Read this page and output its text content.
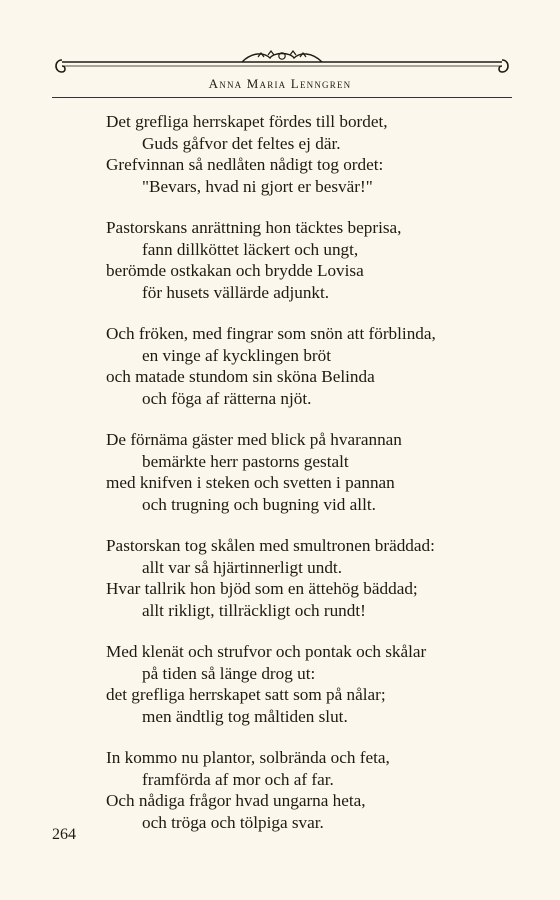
Anna Maria Lenngren
Det grefliga herrskapet fördes till bordet,
Guds gåfvor det feltes ej där.
Grefvinnan så nedlåten nådigt tog ordet:
"Bevars, hvad ni gjort er besvär!"
Pastorskans anrättning hon täcktes beprisa,
fann dillköttet läckert och ungt,
berömde ostkakan och brydde Lovisa
för husets vällärde adjunkt.
Och fröken, med fingrar som snön att förblinda,
en vinge af kycklingen bröt
och matade stundom sin sköna Belinda
och föga af rätterna njöt.
De förnäma gäster med blick på hvarannan
bemärkte herr pastorns gestalt
med knifven i steken och svetten i pannan
och trugning och bugning vid allt.
Pastorskan tog skålen med smultronen bräddad:
allt var så hjärtinnerligt undt.
Hvar tallrik hon bjöd som en ättehög bäddad;
allt rikligt, tillräckligt och rundt!
Med klenät och strufvor och pontak och skålar
på tiden så länge drog ut:
det grefliga herrskapet satt som på nålar;
men ändtlig tog måltiden slut.
In kommo nu plantor, solbrända och feta,
framförda af mor och af far.
Och nådiga frågor hvad ungarna heta,
och tröga och tölpiga svar.
264
